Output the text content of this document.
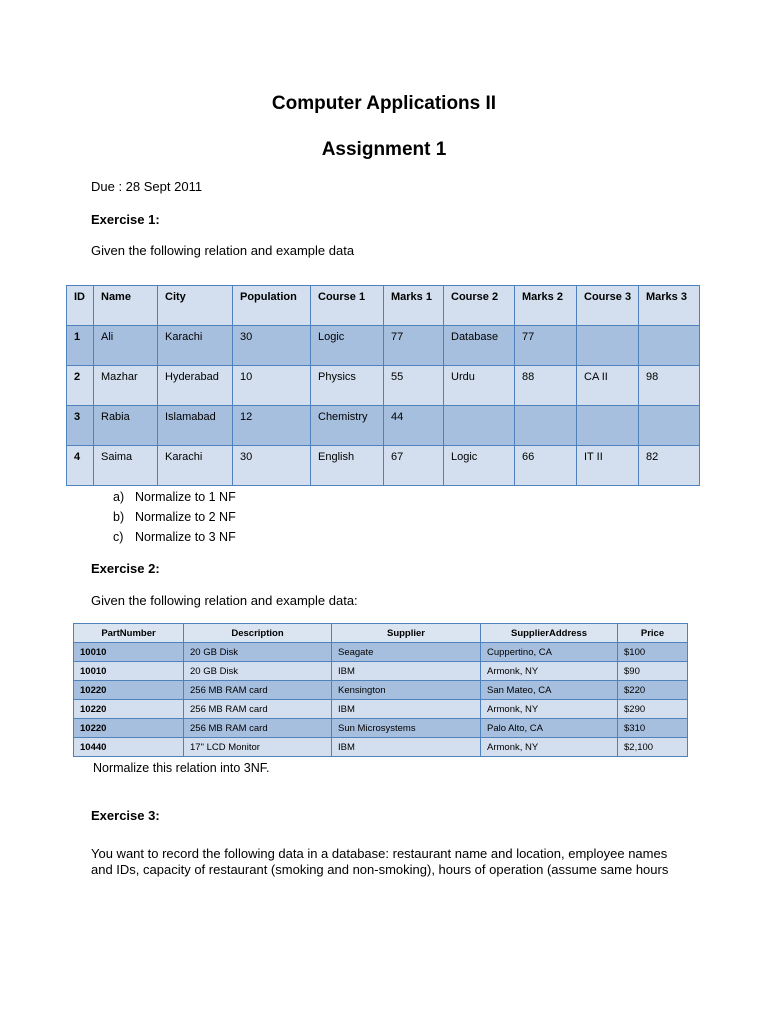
Computer Applications II
Assignment 1
Due : 28 Sept 2011
Exercise 1:
Given the following relation and example data
ID	Name	City	Population	Course 1	Marks 1	Course 2	Marks 2	Course 3	Marks 3
1	Ali	Karachi	30	Logic	77	Database	77		
2	Mazhar	Hyderabad	10	Physics	55	Urdu	88	CA II	98
3	Rabia	Islamabad	12	Chemistry	44				
4	Saima	Karachi	30	English	67	Logic	66	IT II	82
a) Normalize to 1 NF
b) Normalize to 2 NF
c) Normalize to 3 NF
Exercise 2:
Given the following relation and example data:
PartNumber	Description	Supplier	SupplierAddress	Price
10010	20 GB Disk	Seagate	Cuppertino, CA	$100
10010	20 GB Disk	IBM	Armonk, NY	$90
10220	256 MB RAM card	Kensington	San Mateo, CA	$220
10220	256 MB RAM card	IBM	Armonk, NY	$290
10220	256 MB RAM card	Sun Microsystems	Palo Alto, CA	$310
10440	17" LCD Monitor	IBM	Armonk, NY	$2,100
Normalize this relation into 3NF.
Exercise 3:
You want to record the following data in a database: restaurant name and location, employee names
and IDs, capacity of restaurant (smoking and non-smoking), hours of operation (assume same hours
